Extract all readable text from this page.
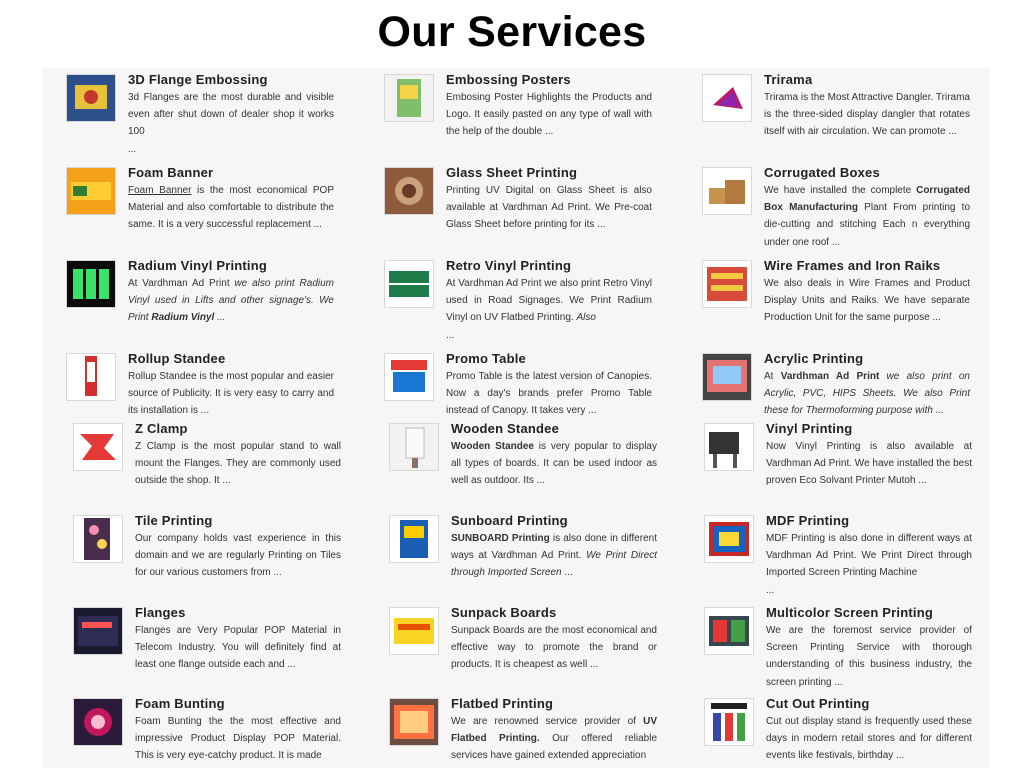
Our Services
3D Flange Embossing
3d Flanges are the most durable and visible even after shut down of dealer shop it works 100
...
Embossing Posters
Embosing Poster Highlights the Products and Logo. It easily pasted on any type of wall with the help of the double ...
Trirama
Trirama is the Most Attractive Dangler. Trirama is the three-sided display dangler that rotates itself with air circulation. We can promote ...
Foam Banner
Foam Banner is the most economical POP Material and also comfortable to distribute the same. It is a very successful replacement ...
Glass Sheet Printing
Printing UV Digital on Glass Sheet is also available at Vardhman Ad Print. We Pre-coat Glass Sheet before printing for its ...
Corrugated Boxes
We have installed the complete Corrugated Box Manufacturing Plant From printing to die-cutting and stitching Each n everything under one roof ...
Radium Vinyl Printing
At Vardhman Ad Print we also print Radium Vinyl used in Lifts and other signage's. We Print Radium Vinyl ...
Retro Vinyl Printing
At Vardhman Ad Print we also print Retro Vinyl used in Road Signages. We Print Radium Vinyl on UV Flatbed Printing. Also
...
Wire Frames and Iron Raiks
We also deals in Wire Frames and Product Display Units and Raiks. We have separate Production Unit for the same purpose ...
Rollup Standee
Rollup Standee is the most popular and easier source of Publicity. It is very easy to carry and its installation is ...
Promo Table
Promo Table is the latest version of Canopies. Now a day's brands prefer Promo Table instead of Canopy. It takes very ...
Acrylic Printing
At Vardhman Ad Print we also print on Acrylic, PVC, HIPS Sheets. We also Print these for Thermoforming purpose with ...
Z Clamp
Z Clamp is the most popular stand to wall mount the Flanges. They are commonly used outside the shop. It ...
Wooden Standee
Wooden Standee is very popular to display all types of boards. It can be used indoor as well as outdoor. Its ...
Vinyl Printing
Now Vinyl Printing is also available at Vardhman Ad Print. We have installed the best proven Eco Solvant Printer Mutoh ...
Tile Printing
Our company holds vast experience in this domain and we are regularly Printing on Tiles for our various customers from ...
Sunboard Printing
SUNBOARD Printing is also done in different ways at Vardhman Ad Print. We Print Direct through Imported Screen ...
MDF Printing
MDF Printing is also done in different ways at Vardhman Ad Print. We Print Direct through Imported Screen Printing Machine
...
Flanges
Flanges are Very Popular POP Material in Telecom Industry. You will definitely find at least one flange outside each and ...
Sunpack Boards
Sunpack Boards are the most economical and effective way to promote the brand or products. It is cheapest as well ...
Multicolor Screen Printing
We are the foremost service provider of Screen Printing Service with thorough understanding of this business industry, the screen printing ...
Foam Bunting
Foam Bunting the the most effective and impressive Product Display POP Material. This is very eye-catchy product. It is made
Flatbed Printing
We are renowned service provider of UV Flatbed Printing. Our offered reliable services have gained extended appreciation
Cut Out Printing
Cut out display stand is frequently used these days in modern retail stores and for different events like festivals, birthday ...
